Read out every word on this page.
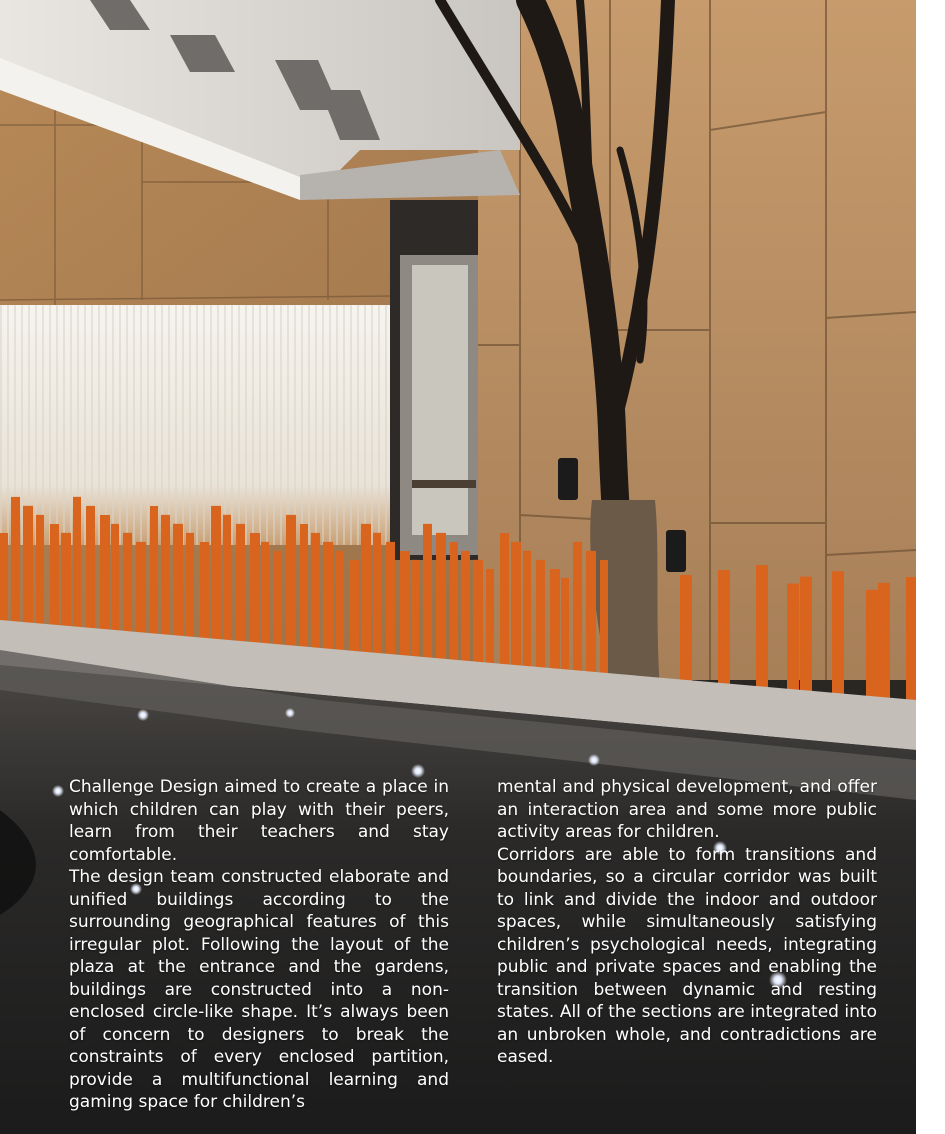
Challenge Design aimed to create a place in which children can play with their peers, learn from their teachers and stay comfortable.

The design team constructed elaborate and unified buildings according to the surrounding geographical features of this irregular plot. Following the layout of the plaza at the entrance and the gardens, buildings are constructed into a non-enclosed circle-like shape. It’s always been of concern to designers to break the constraints of every enclosed partition, provide a multifunctional learning and gaming space for children’s

mental and physical development, and offer an interaction area and some more public activity areas for children.

Corridors are able to form transitions and boundaries, so a circular corridor was built to link and divide the indoor and outdoor spaces, while simultaneously satisfying children’s psychological needs, integrating public and private spaces and enabling the transition between dynamic and resting states. All of the sections are integrated into an unbroken whole, and contradictions are eased.
